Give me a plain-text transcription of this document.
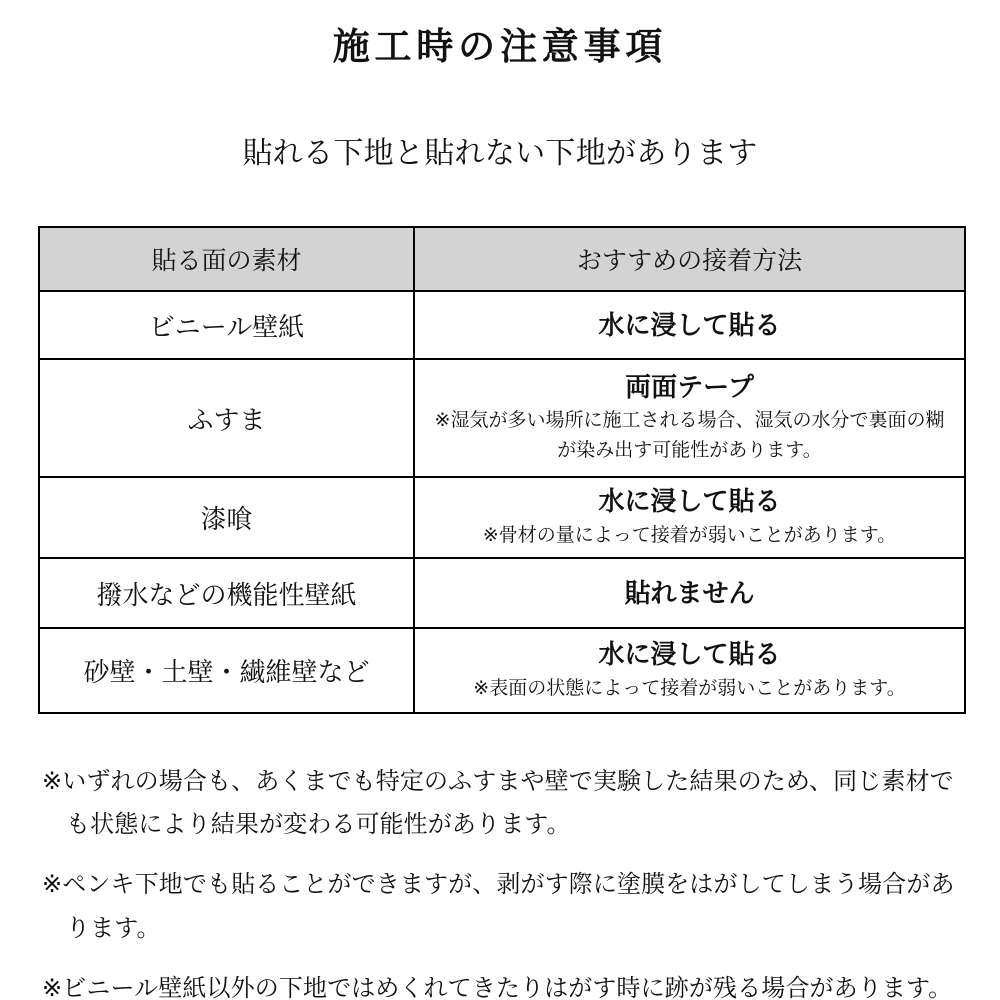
施工時の注意事項
貼れる下地と貼れない下地があります
貼る面の素材	おすすめの接着方法
ビニール壁紙	水に浸して貼る

ふすま	両面テープ
※湿気が多い場所に施工される場合、湿気の水分で裏面の糊が染み出す可能性があります。

漆喰	水に浸して貼る
※骨材の量によって接着が弱いことがあります。

撥水などの機能性壁紙	貼れません

砂壁・土壁・繊維壁など	水に浸して貼る
※表面の状態によって接着が弱いことがあります。

※いずれの場合も、あくまでも特定のふすまや壁で実験した結果のため、同じ素材でも状態により結果が変わる可能性があります。

※ペンキ下地でも貼ることができますが、剥がす際に塗膜をはがしてしまう場合があります。

※ビニール壁紙以外の下地ではめくれてきたりはがす時に跡が残る場合があります。
